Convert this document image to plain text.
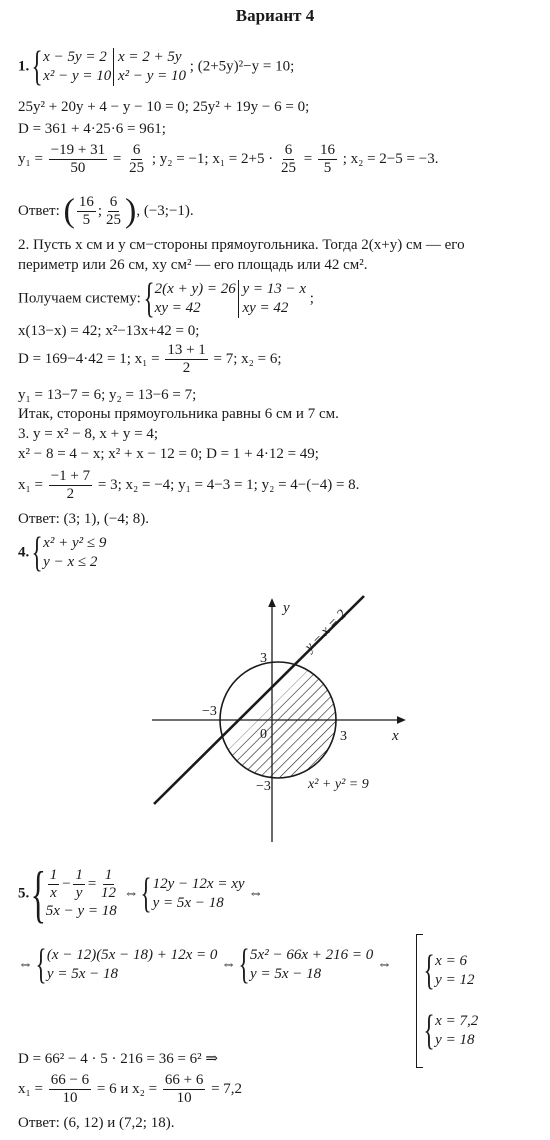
Вариант 4
1. { x − 5y = 2
x² − y = 10

x = 2 + 5y
x² − y = 10
; (2+5y)²−y = 10;
25y² + 20y + 4 − y − 10 = 0; 25y² + 19y − 6 = 0;
D = 361 + 4·25·6 = 961;
$y_1 = \frac{-19 + 31}{50} = \frac{6}{25}$ ; y₂ = −1; $x_1 = 2+5 \cdot \frac{6}{25} = \frac{16}{5}$ ; x₂ = 2−5 = −3.
Ответ: ( $\frac{16}{5}$ ; $\frac{6}{25}$ ), (−3;−1).
2. Пусть x см и y см−стороны прямоугольника. Тогда 2(x+y) см — его
периметр или 26 см, xy см² — его площадь или 42 см².
Получаем систему: { 2(x + y) = 26
xy = 42

y = 13 − x
xy = 42
;
x(13−x) = 42; x²−13x+42 = 0;
D = 169−4·42 = 1; $x_1 = \frac{13 + 1}{2} = 7$; x₂ = 6;
y₁ = 13−7 = 6; y₂ = 13−6 = 7;
Итак, стороны прямоугольника равны 6 см и 7 см.
3. y = x² − 8, x + y = 4;
x² − 8 = 4 − x; x² + x − 12 = 0; D = 1 + 4·12 = 49;
$x_1 = \frac{-1 + 7}{2} = 3$; x₂ = −4; y₁ = 4−3 = 1; y₂ = 4−(−4) = 8.
Ответ: (3; 1), (−4; 8).
4. { x² + y² ≤ 9
y − x ≤ 2
y
x
3
−3
3
−3
0
y − x = 2
x² + y² = 9
5. { $\frac{1}{x} - \frac{1}{y} = \frac{1}{12}$
5x − y = 18
⇔ { 12y − 12x = xy
y = 5x − 18
⇔
⇔ { (x − 12)(5x − 18) + 12x = 0
y = 5x − 18
⇔ { 5x² − 66x + 216 = 0
y = 5x − 18
⇔ { x = 6
y = 12
{ x = 7,2
y = 18
D = 66² − 4 · 5 · 216 = 36 = 6² ⇒
$x_1 = \frac{66 - 6}{10} = 6$ и $x_2 = \frac{66 + 6}{10} = 7,2$
Ответ: (6, 12) и (7,2; 18).
